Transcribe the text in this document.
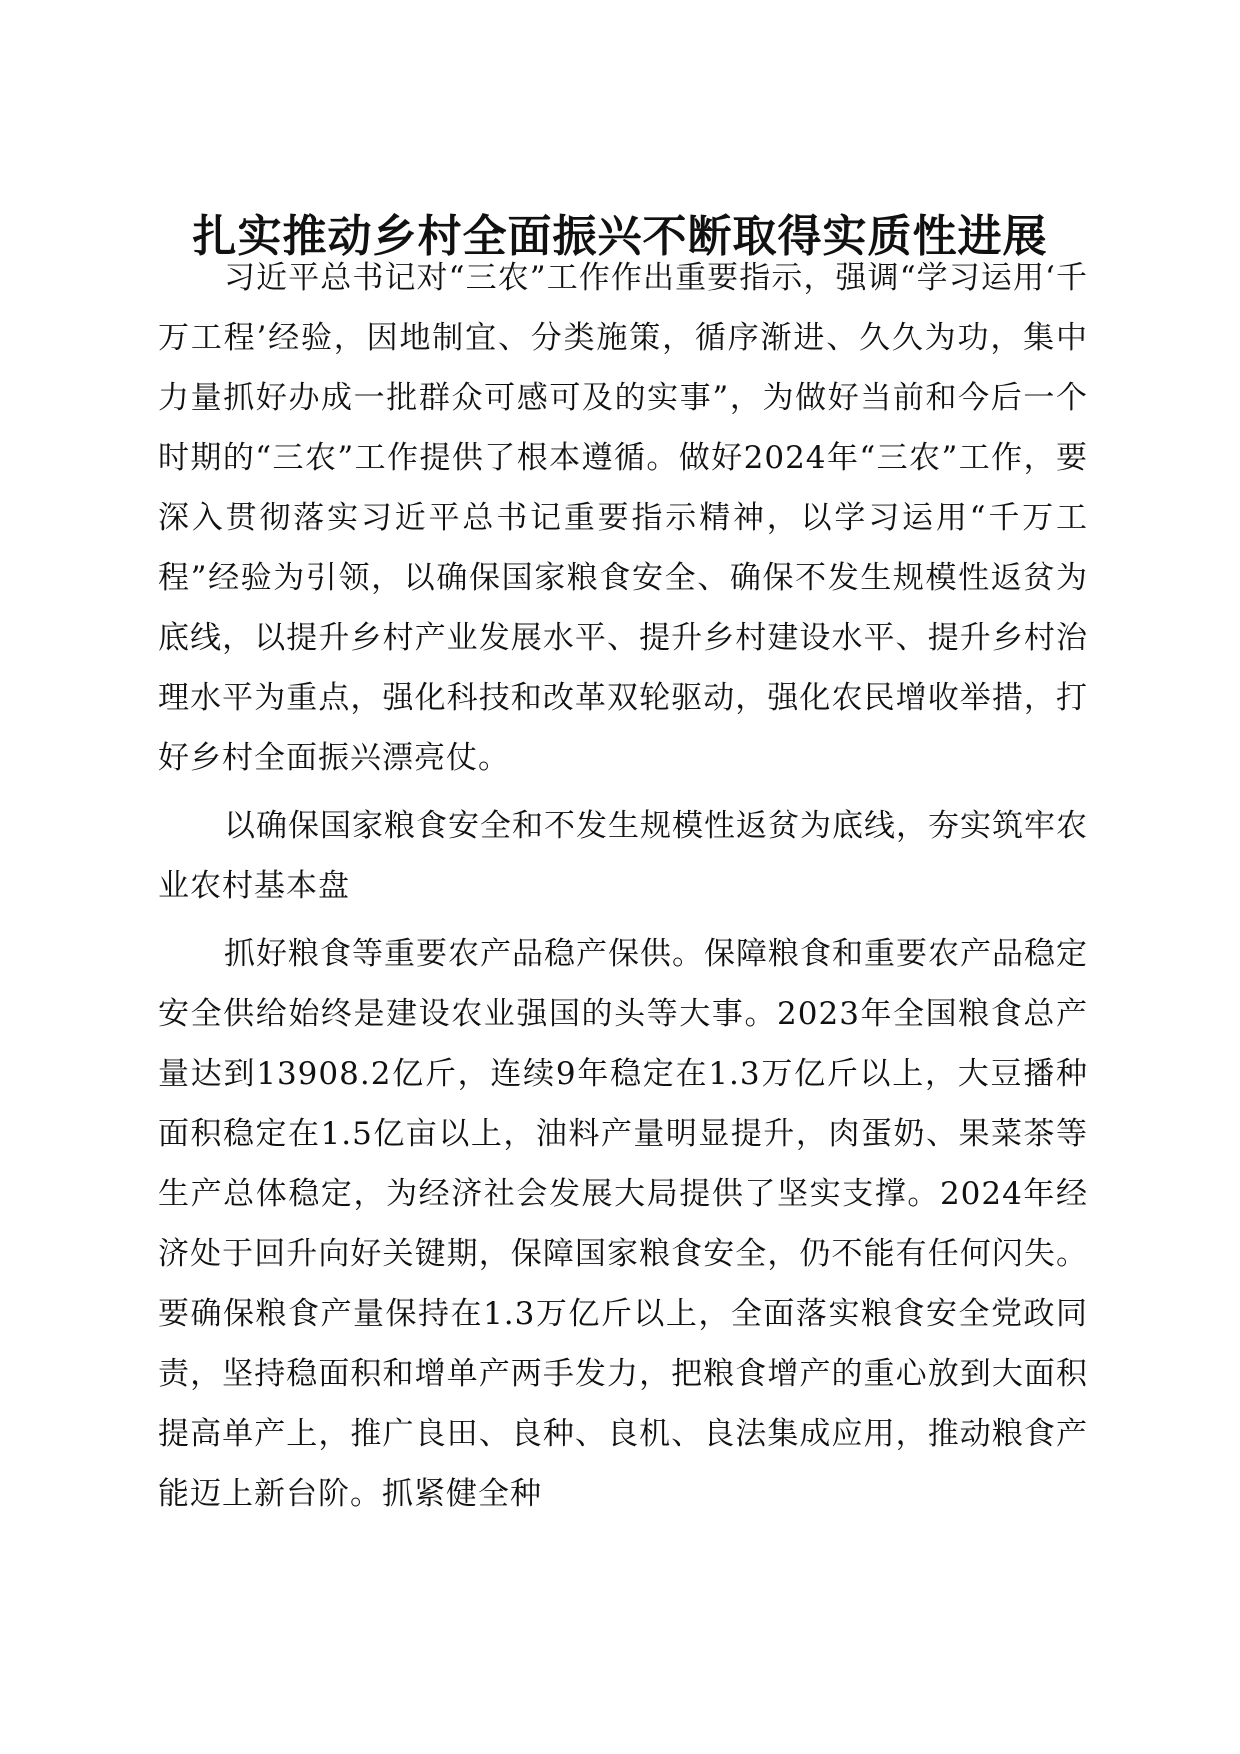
扎实推动乡村全面振兴不断取得实质性进展

习近平总书记对“三农”工作作出重要指示，强调“学习运用‘千万工程’经验，因地制宜、分类施策，循序渐进、久久为功，集中力量抓好办成一批群众可感可及的实事”，为做好当前和今后一个时期的“三农”工作提供了根本遵循。做好2024年“三农”工作，要深入贯彻落实习近平总书记重要指示精神，以学习运用“千万工程”经验为引领，以确保国家粮食安全、确保不发生规模性返贫为底线，以提升乡村产业发展水平、提升乡村建设水平、提升乡村治理水平为重点，强化科技和改革双轮驱动，强化农民增收举措，打好乡村全面振兴漂亮仗。

以确保国家粮食安全和不发生规模性返贫为底线，夯实筑牢农业农村基本盘

抓好粮食等重要农产品稳产保供。保障粮食和重要农产品稳定安全供给始终是建设农业强国的头等大事。2023年全国粮食总产量达到13908.2亿斤，连续9年稳定在1.3万亿斤以上，大豆播种面积稳定在1.5亿亩以上，油料产量明显提升，肉蛋奶、果菜茶等生产总体稳定，为经济社会发展大局提供了坚实支撑。2024年经济处于回升向好关键期，保障国家粮食安全，仍不能有任何闪失。要确保粮食产量保持在1.3万亿斤以上，全面落实粮食安全党政同责，坚持稳面积和增单产两手发力，把粮食增产的重心放到大面积提高单产上，推广良田、良种、良机、良法集成应用，推动粮食产能迈上新台阶。抓紧健全种
